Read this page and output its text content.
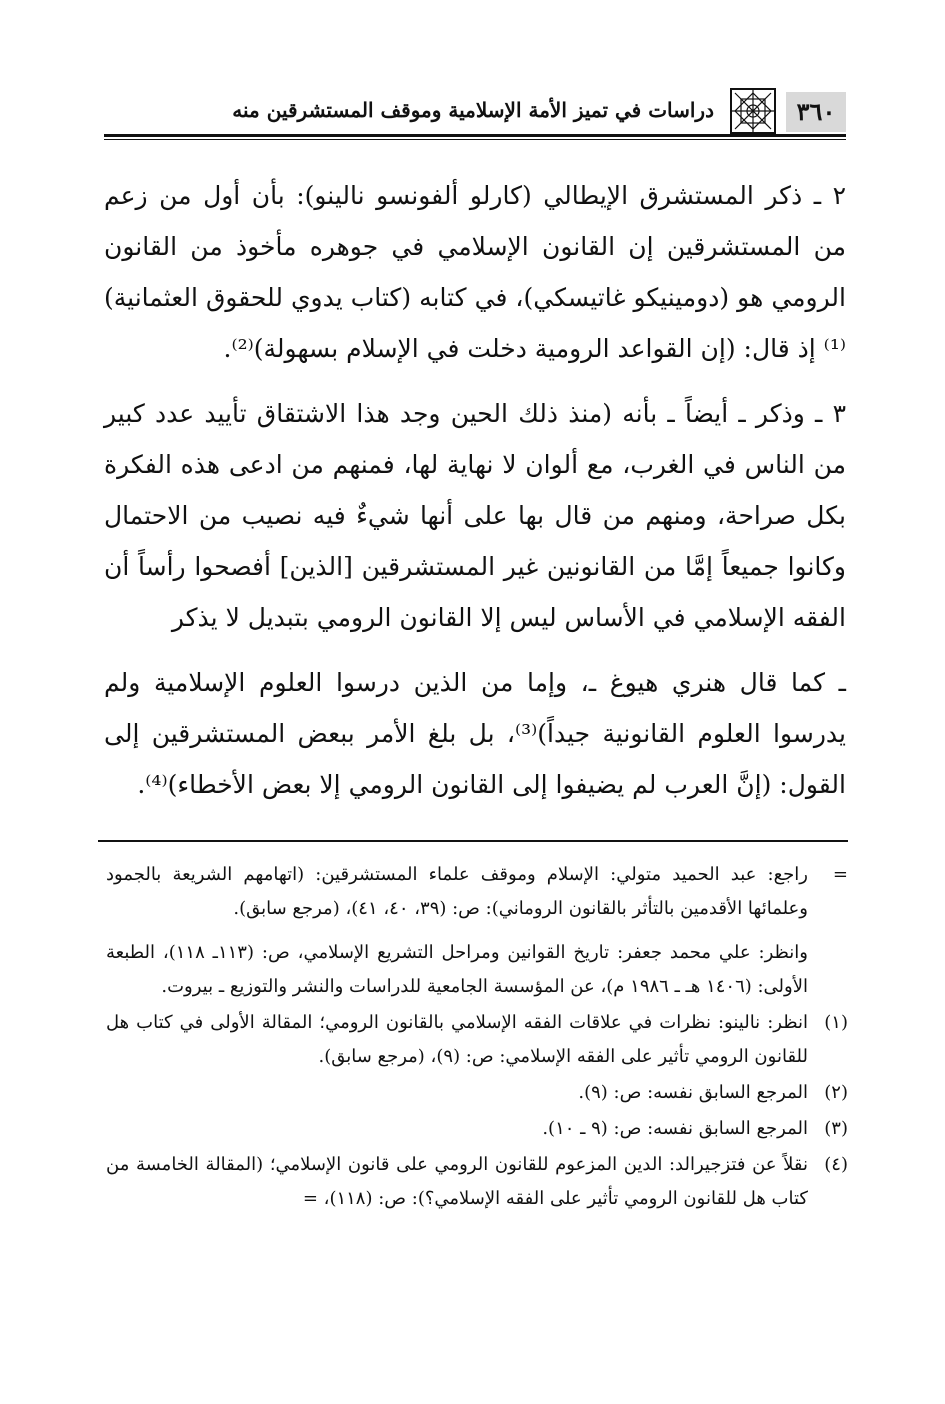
٣٦٠
دراسات في تميز الأمة الإسلامية وموقف المستشرقين منه

٢ ـ ذكر المستشرق الإيطالي (كارلو ألفونسو نالينو): بأن أول من زعم من المستشرقين إن القانون الإسلامي في جوهره مأخوذ من القانون الرومي هو (دومينيكو غاتيسكي)، في كتابه (كتاب يدوي للحقوق العثمانية)⁽¹⁾ إذ قال: (إن القواعد الرومية دخلت في الإسلام بسهولة)⁽²⁾.

٣ ـ وذكر ـ أيضاً ـ بأنه (منذ ذلك الحين وجد هذا الاشتقاق تأييد عدد كبير من الناس في الغرب، مع ألوان لا نهاية لها، فمنهم من ادعى هذه الفكرة بكل صراحة، ومنهم من قال بها على أنها شيءٌ فيه نصيب من الاحتمال وكانوا جميعاً إمَّا من القانونين غير المستشرقين [الذين] أفصحوا رأساً أن الفقه الإسلامي في الأساس ليس إلا القانون الرومي بتبديل لا يذكر

ـ كما قال هنري هيوغ ـ، وإما من الذين درسوا العلوم الإسلامية ولم يدرسوا العلوم القانونية جيداً)⁽³⁾، بل بلغ الأمر ببعض المستشرقين إلى القول: (إنَّ العرب لم يضيفوا إلى القانون الرومي إلا بعض الأخطاء)⁽⁴⁾.

=
راجع: عبد الحميد متولي: الإسلام وموقف علماء المستشرقين: (اتهامهم الشريعة بالجمود وعلمائها الأقدمين بالتأثر بالقانون الروماني): ص: (٣٩، ٤٠، ٤١)، (مرجع سابق).
وانظر: علي محمد جعفر: تاريخ القوانين ومراحل التشريع الإسلامي، ص: (١١٣ـ ١١٨)، الطبعة الأولى: (١٤٠٦ هـ ـ ١٩٨٦ م)، عن المؤسسة الجامعية للدراسات والنشر والتوزيع ـ بيروت.
(١)
انظر: نالينو: نظرات في علاقات الفقه الإسلامي بالقانون الرومي؛ المقالة الأولى في كتاب هل للقانون الرومي تأثير على الفقه الإسلامي: ص: (٩)، (مرجع سابق).
(٢)
المرجع السابق نفسه: ص: (٩).
(٣)
المرجع السابق نفسه: ص: (٩ ـ ١٠).
(٤)
نقلاً عن فتزجيرالد: الدين المزعوم للقانون الرومي على قانون الإسلامي؛ (المقالة الخامسة من كتاب هل للقانون الرومي تأثير على الفقه الإسلامي؟): ص: (١١٨)، =
